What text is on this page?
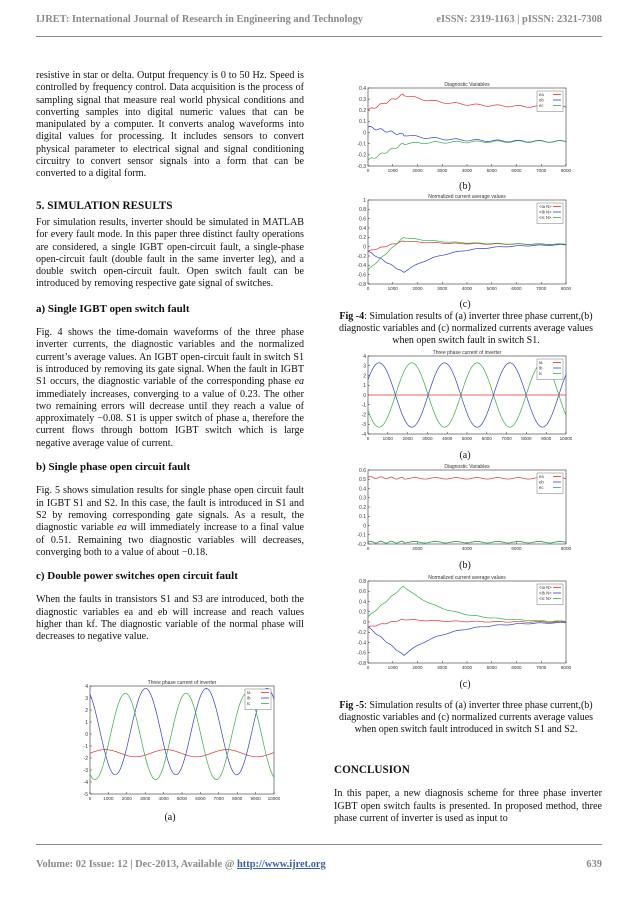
IJRET: International Journal of Research in Engineering and Technology	eISSN: 2319-1163 | pISSN: 2321-7308

resistive in star or delta. Output frequency is 0 to 50 Hz. Speed is controlled by frequency control. Data acquisition is the process of sampling signal that measure real world physical conditions and converting samples into digital numeric values that can be manipulated by a computer. It converts analog waveforms into digital values for processing. It includes sensors to convert physical parameter to electrical signal and signal conditioning circuitry to convert sensor signals into a form that can be converted to a digital form.

5. SIMULATION RESULTS

For simulation results, inverter should be simulated in MATLAB for every fault mode. In this paper three distinct faulty operations are considered, a single IGBT open-circuit fault, a single-phase open-circuit fault (double fault in the same inverter leg), and a double switch open-circuit fault. Open switch fault can be introduced by removing respective gate signal of switches.

a) Single IGBT open switch fault

Fig. 4 shows the time-domain waveforms of the three phase inverter currents, the diagnostic variables and the normalized current’s average values. An IGBT open-circuit fault in switch S1 is introduced by removing its gate signal. When the fault in IGBT S1 occurs, the diagnostic variable of the corresponding phase ea immediately increases, converging to a value of 0.23. The other two remaining errors will decrease until they reach a value of approximately −0.08. S1 is upper switch of phase a, therefore the current flows through bottom IGBT switch which is large negative average value of current.

b) Single phase open circuit fault

Fig. 5 shows simulation results for single phase open circuit fault in IGBT S1 and S2. In this case, the fault is introduced in S1 and S2 by removing corresponding gate signals. As a result, the diagnostic variable ea will immediately increase to a final value of 0.51. Remaining two diagnostic variables will decreases, converging both to a value of about −0.18.

c) Double power switches open circuit fault

When the faults in transistors S1 and S3 are introduced, both the diagnostic variables ea and eb will increase and reach values higher than kf. The diagnostic variable of the normal phase will decreases to negative value.

Three phase current of inverter
4
3
2
1
0
-1
-2
-3
-4
-5
0	1000 2000 3000 4000 5000 6000 7000 8000 9000 10000
Ia
Ib
Ic
(a)
Diagnostic Variables
0.4
0.3
0.2
0.1
0
-0.1
-0.2
-0.3
0	1000	2000	3000	4000	5000	6000	7000	8000
ea
eb
ec
(b)
Normalized current average values
1
0.8
0.6
0.4
0.2
0
-0.2
-0.4
-0.6
-0.8
0	1000	2000	3000	4000	5000	6000	7000	8000
<Ia N>
<Ib N>
<Ic N>
(c)
Fig -4: Simulation results of (a) inverter three phase current,(b) diagnostic variables and (c) normalized currents average values when open switch fault in switch S1.
Three phase current of inverter
4
3
2
1
0
-1
-2
-3
-4
0	1000 2000 3000 4000 5000 6000 7000 8000 9000 10000
Ia
Ib
Ic
(a)
Diagnostic Variables
0.6
0.5
0.4
0.3
0.2
0.1
0
-0.1
-0.2
0	2000	4000	6000	8000
ea
eb
ec
(b)
Normalized current average values
0.8
0.6
0.4
0.2
0
-0.2
-0.4
-0.6
-0.8
0	1000	2000	3000	4000	5000	6000	7000	8000
<Ia N>
<Ib N>
<Ic N>
(c)
Fig -5: Simulation results of (a) inverter three phase current,(b) diagnostic variables and (c) normalized currents average values when open switch fault introduced in switch S1 and S2.
CONCLUSION

In this paper, a new diagnosis scheme for three phase inverter IGBT open switch faults is presented. In proposed method, three phase current of inverter is used as input to

Volume: 02 Issue: 12 | Dec-2013, Available @ http://www.ijret.org	639
